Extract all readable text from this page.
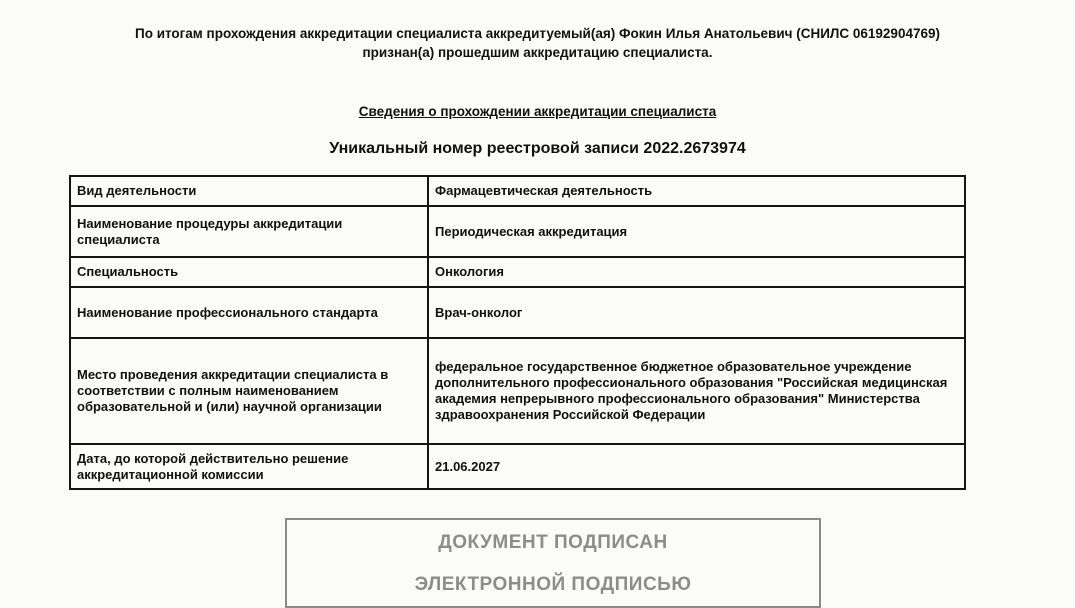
По итогам прохождения аккредитации специалиста аккредитуемый(ая) Фокин Илья Анатольевич (СНИЛС 06192904769)
признан(а) прошедшим аккредитацию специалиста.
Сведения о прохождении аккредитации специалиста
Уникальный номер реестровой записи 2022.2673974
Вид деятельности	Фармацевтическая деятельность
Наименование процедуры аккредитации специалиста	Периодическая аккредитация
Специальность	Онкология
Наименование профессионального стандарта	Врач-онколог
Место проведения аккредитации специалиста в соответствии с полным наименованием образовательной и (или) научной организации	федеральное государственное бюджетное образовательное учреждение дополнительного профессионального образования "Российская медицинская академия непрерывного профессионального образования" Министерства здравоохранения Российской Федерации
Дата, до которой действительно решение аккредитационной комиссии	21.06.2027
ДОКУМЕНТ ПОДПИСАН
ЭЛЕКТРОННОЙ ПОДПИСЬЮ
